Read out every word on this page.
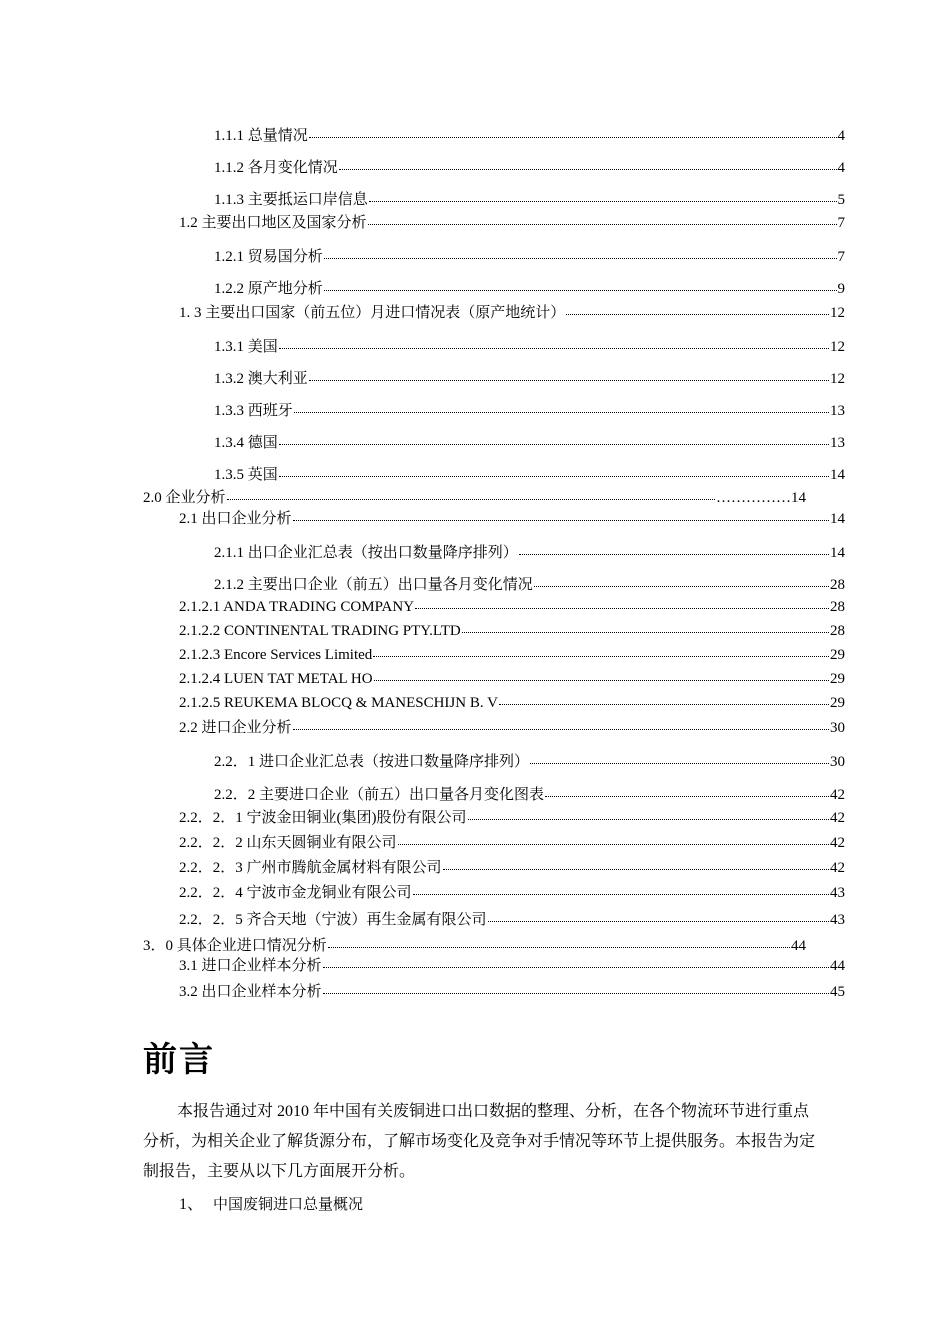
1.1.1 总量情况	4
1.1.2 各月变化情况	4
1.1.3 主要抵运口岸信息	5
1.2 主要出口地区及国家分析	7
1.2.1 贸易国分析	7
1.2.2 原产地分析	9
1. 3 主要出口国家（前五位）月进口情况表（原产地统计）	12
1.3.1 美国	12
1.3.2 澳大利亚	12
1.3.3 西班牙	13
1.3.4 德国	13
1.3.5 英国	14
2.0 企业分析	……………14
2.1 出口企业分析	14
2.1.1 出口企业汇总表（按出口数量降序排列）	14
2.1.2 主要出口企业（前五）出口量各月变化情况	28
2.1.2.1 ANDA TRADING COMPANY	28
2.1.2.2 CONTINENTAL TRADING PTY.LTD	28
2.1.2.3 Encore Services Limited	29
2.1.2.4 LUEN TAT METAL HO	29
2.1.2.5 REUKEMA BLOCQ & MANESCHIJN B. V	29
2.2 进口企业分析	30
2.2．1 进口企业汇总表（按进口数量降序排列）	30
2.2．2 主要进口企业（前五）出口量各月变化图表	42
2.2．2．1 宁波金田铜业(集团)股份有限公司	42
2.2．2．2 山东天圆铜业有限公司	42
2.2．2．3 广州市腾航金属材料有限公司	42
2.2．2．4 宁波市金龙铜业有限公司	43
2.2．2．5 齐合天地（宁波）再生金属有限公司	43
3．0 具体企业进口情况分析	44
3.1 进口企业样本分析	44
3.2 出口企业样本分析	45
前言
本报告通过对 2010 年中国有关废铜进口出口数据的整理、分析，在各个物流环节进行重点分析，为相关企业了解货源分布，了解市场变化及竞争对手情况等环节上提供服务。本报告为定制报告，主要从以下几方面展开分析。
1、 中国废铜进口总量概况
